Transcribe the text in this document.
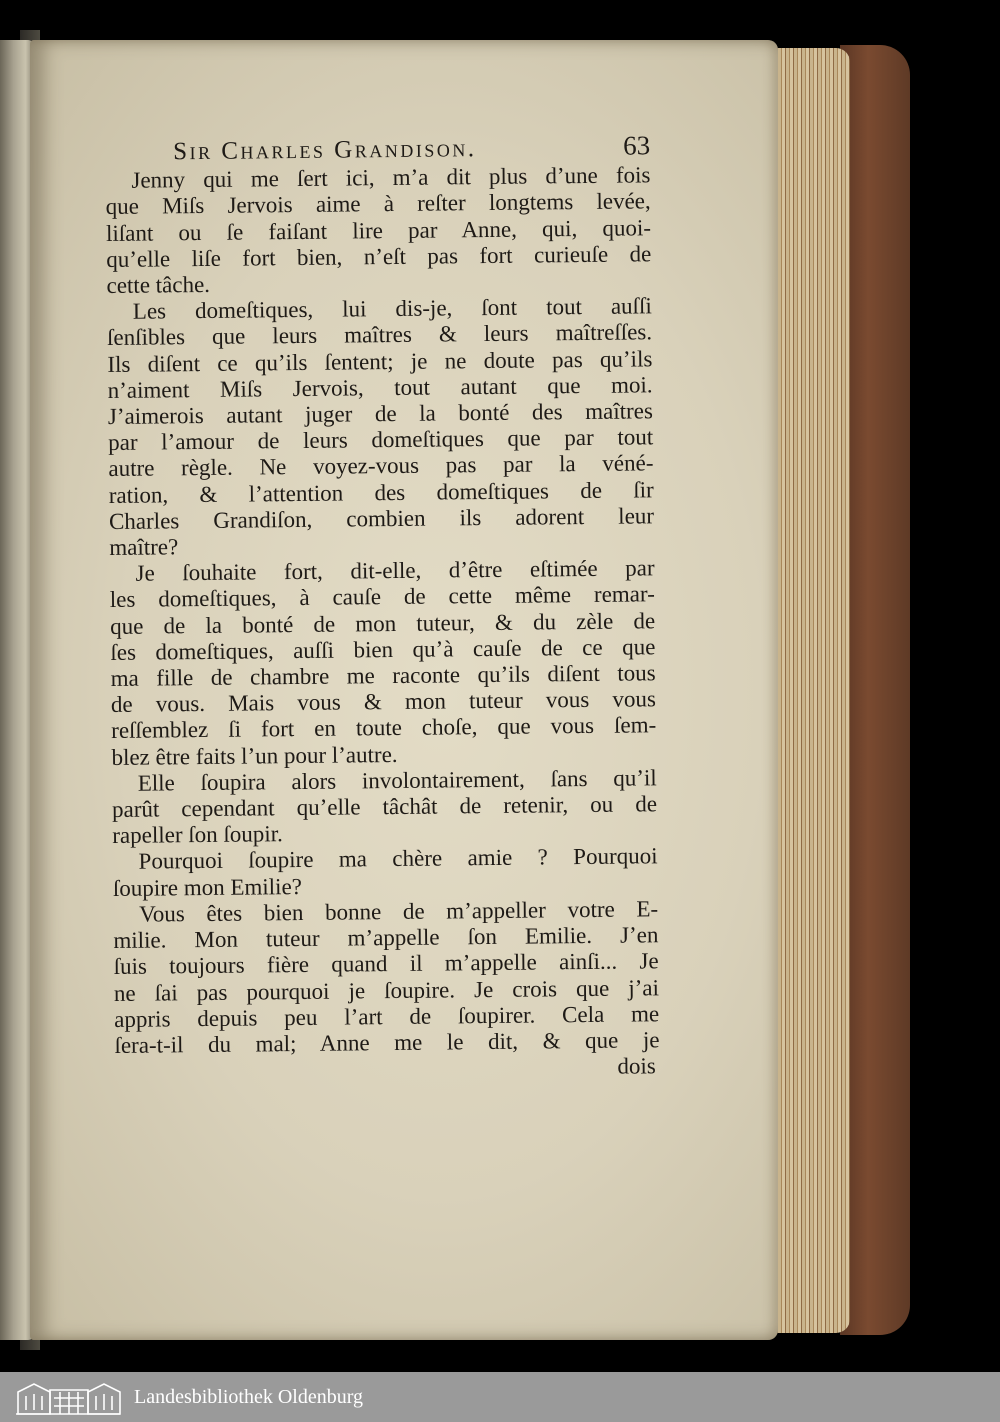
Sir Charles Grandison.	63
Jenny qui me ſert ici, m’a dit plus d’une fois
que Miſs Jervois aime à reſter longtems levée,
liſant ou ſe faiſant lire par Anne, qui, quoi-
qu’elle liſe fort bien, n’eſt pas fort curieuſe de
cette tâche.
Les domeſtiques, lui dis-je, ſont tout auſſi
ſenſibles que leurs maîtres & leurs maîtreſſes.
Ils diſent ce qu’ils ſentent; je ne doute pas qu’ils
n’aiment Miſs Jervois, tout autant que moi.
J’aimerois autant juger de la bonté des maîtres
par l’amour de leurs domeſtiques que par tout
autre règle. Ne voyez-vous pas par la véné-
ration, & l’attention des domeſtiques de ſir
Charles Grandiſon, combien ils adorent leur
maître?
Je ſouhaite fort, dit-elle, d’être eſtimée par
les domeſtiques, à cauſe de cette même remar-
que de la bonté de mon tuteur, & du zèle de
ſes domeſtiques, auſſi bien qu’à cauſe de ce que
ma fille de chambre me raconte qu’ils diſent tous
de vous. Mais vous & mon tuteur vous vous
reſſemblez ſi fort en toute choſe, que vous ſem-
blez être faits l’un pour l’autre.
Elle ſoupira alors involontairement, ſans qu’il
parût cependant qu’elle tâchât de retenir, ou de
rapeller ſon ſoupir.
Pourquoi ſoupire ma chère amie ? Pourquoi
ſoupire mon Emilie?
Vous êtes bien bonne de m’appeller votre E-
milie. Mon tuteur m’appelle ſon Emilie. J’en
ſuis toujours fière quand il m’appelle ainſi... Je
ne ſai pas pourquoi je ſoupire. Je crois que j’ai
appris depuis peu l’art de ſoupirer. Cela me
ſera-t-il du mal; Anne me le dit, & que je
dois
Landesbibliothek Oldenburg
